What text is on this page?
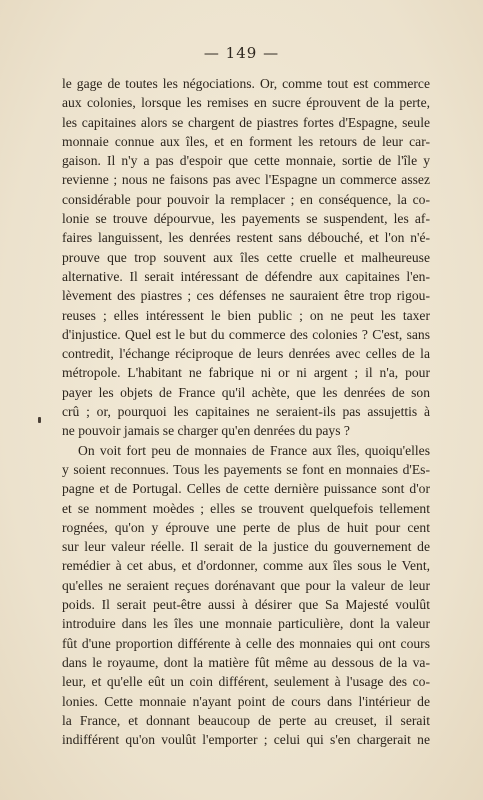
— 149 —
le gage de toutes les négociations. Or, comme tout est commerce
aux colonies, lorsque les remises en sucre éprouvent de la perte,
les capitaines alors se chargent de piastres fortes d'Espagne, seule
monnaie connue aux îles, et en forment les retours de leur car-
gaison. Il n'y a pas d'espoir que cette monnaie, sortie de l'île y
revienne ; nous ne faisons pas avec l'Espagne un commerce assez
considérable pour pouvoir la remplacer ; en conséquence, la co-
lonie se trouve dépourvue, les payements se suspendent, les af-
faires languissent, les denrées restent sans débouché, et l'on n'é-
prouve que trop souvent aux îles cette cruelle et malheureuse
alternative. Il serait intéressant de défendre aux capitaines l'en-
lèvement des piastres ; ces défenses ne sauraient être trop rigou-
reuses ; elles intéressent le bien public ; on ne peut les taxer
d'injustice. Quel est le but du commerce des colonies ? C'est, sans
contredit, l'échange réciproque de leurs denrées avec celles de la
métropole. L'habitant ne fabrique ni or ni argent ; il n'a, pour
payer les objets de France qu'il achète, que les denrées de son
crû ; or, pourquoi les capitaines ne seraient-ils pas assujettis à
ne pouvoir jamais se charger qu'en denrées du pays ?
On voit fort peu de monnaies de France aux îles, quoiqu'elles
y soient reconnues. Tous les payements se font en monnaies d'Es-
pagne et de Portugal. Celles de cette dernière puissance sont d'or
et se nomment moèdes ; elles se trouvent quelquefois tellement
rognées, qu'on y éprouve une perte de plus de huit pour cent
sur leur valeur réelle. Il serait de la justice du gouvernement de
remédier à cet abus, et d'ordonner, comme aux îles sous le Vent,
qu'elles ne seraient reçues dorénavant que pour la valeur de leur
poids. Il serait peut-être aussi à désirer que Sa Majesté voulût
introduire dans les îles une monnaie particulière, dont la valeur
fût d'une proportion différente à celle des monnaies qui ont cours
dans le royaume, dont la matière fût même au dessous de la va-
leur, et qu'elle eût un coin différent, seulement à l'usage des co-
lonies. Cette monnaie n'ayant point de cours dans l'intérieur de
la France, et donnant beaucoup de perte au creuset, il serait
indifférent qu'on voulût l'emporter ; celui qui s'en chargerait ne
